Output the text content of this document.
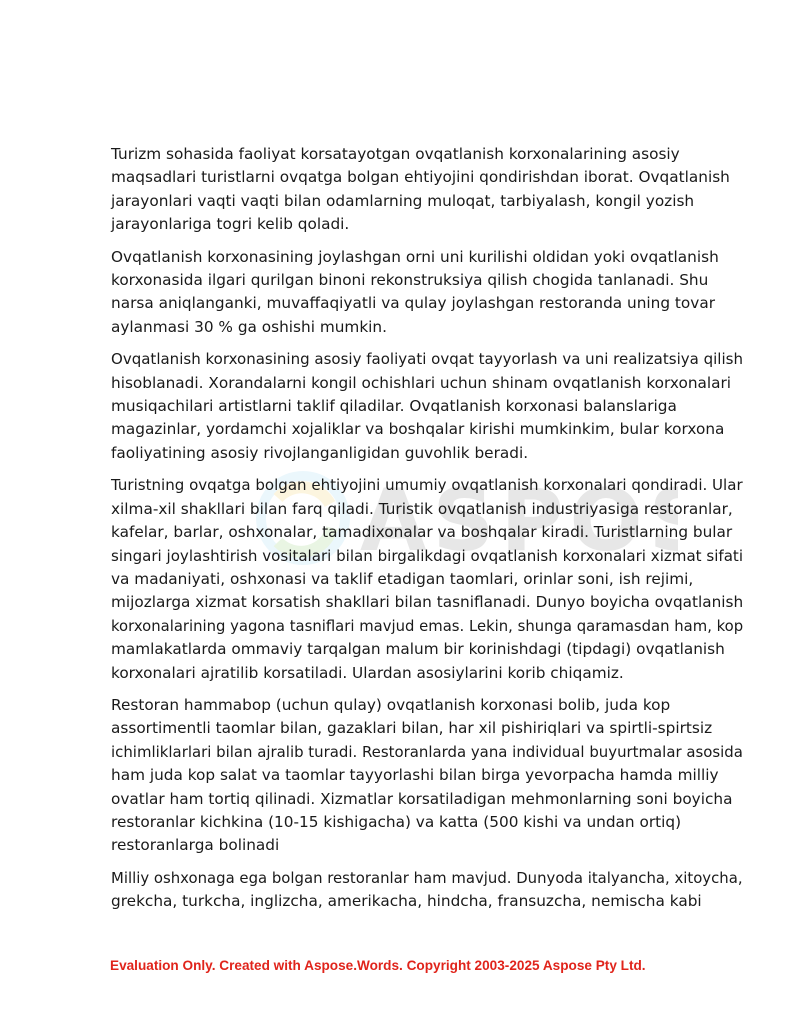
ASPO

Turizm sohasida faoliyat korsatayotgan ovqatlanish korxonalarining asosiy
maqsadlari turistlarni ovqatga bolgan ehtiyojini qondirishdan iborat. Ovqatlanish
jarayonlari vaqti vaqti bilan odamlarning muloqat, tarbiyalash, kongil yozish
jarayonlariga togri kelib qoladi.

Ovqatlanish korxonasining joylashgan orni uni kurilishi oldidan yoki ovqatlanish
korxonasida ilgari qurilgan binoni rekonstruksiya qilish chogida tanlanadi. Shu
narsa aniqlanganki, muvaffaqiyatli va qulay joylashgan restoranda uning tovar
aylanmasi 30 % ga oshishi mumkin.

Ovqatlanish korxonasining asosiy faoliyati ovqat tayyorlash va uni realizatsiya qilish
hisoblanadi. Xorandalarni kongil ochishlari uchun shinam ovqatlanish korxonalari
musiqachilari artistlarni taklif qiladilar. Ovqatlanish korxonasi balanslariga
magazinlar, yordamchi xojaliklar va boshqalar kirishi mumkinkim, bular korxona
faoliyatining asosiy rivojlanganligidan guvohlik beradi.

Turistning ovqatga bolgan ehtiyojini umumiy ovqatlanish korxonalari qondiradi. Ular
xilma-xil shakllari bilan farq qiladi. Turistik ovqatlanish industriyasiga restoranlar,
kafelar, barlar, oshxonalar, tamadixonalar va boshqalar kiradi. Turistlarning bular
singari joylashtirish vositalari bilan birgalikdagi ovqatlanish korxonalari xizmat sifati
va madaniyati, oshxonasi va taklif etadigan taomlari, orinlar soni, ish rejimi,
mijozlarga xizmat korsatish shakllari bilan tasniflanadi. Dunyo boyicha ovqatlanish
korxonalarining yagona tasniflari mavjud emas. Lekin, shunga qaramasdan ham, kop
mamlakatlarda ommaviy tarqalgan malum bir korinishdagi (tipdagi) ovqatlanish
korxonalari ajratilib korsatiladi. Ulardan asosiylarini korib chiqamiz.

Restoran hammabop (uchun qulay) ovqatlanish korxonasi bolib, juda kop
assortimentli taomlar bilan, gazaklari bilan, har xil pishiriqlari va spirtli-spirtsiz
ichimliklarlari bilan ajralib turadi. Restoranlarda yana individual buyurtmalar asosida
ham juda kop salat va taomlar tayyorlashi bilan birga yevorpacha hamda milliy
ovatlar ham tortiq qilinadi. Xizmatlar korsatiladigan mehmonlarning soni boyicha
restoranlar kichkina (10-15 kishigacha) va katta (500 kishi va undan ortiq)
restoranlarga bolinadi

Milliy oshxonaga ega bolgan restoranlar ham mavjud. Dunyoda italyancha, xitoycha,
grekcha, turkcha, inglizcha, amerikacha, hindcha, fransuzcha, nemischa kabi

Evaluation Only. Created with Aspose.Words. Copyright 2003-2025 Aspose Pty Ltd.
